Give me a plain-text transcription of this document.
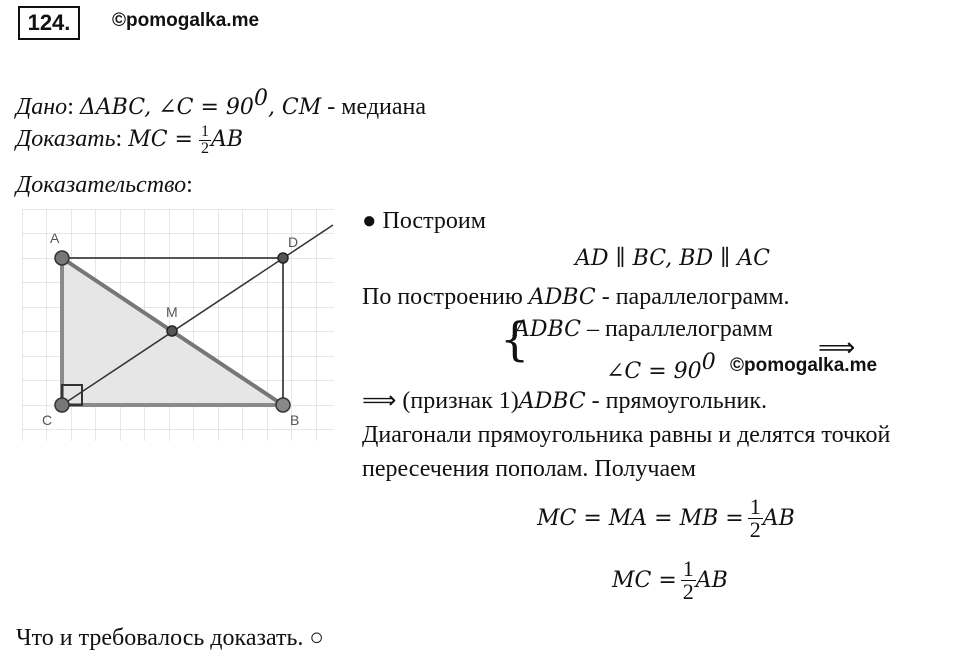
124.	©pomogalka.me
Дано: ΔABC, ∠C = $90^0$, CM - медиана
Доказать: MC = $\frac{1}{2}$ AB
Доказательство:
A	D
C	B
M
● Построим
AD ∥ BC, BD ∥ AC
По построению ADBC - параллелограмм.
{
ADBC – параллелограмм
∠C = $90^0$
⟹
©pomogalka.me
⟹ (признак 1)ADBC - прямоугольник.
Диагонали прямоугольника равны и делятся точкой
пересечения пополам. Получаем
MC = MA = MB = $\frac{1}{2}$ AB
MC = $\frac{1}{2}$ AB
Что и требовалось доказать. ○
